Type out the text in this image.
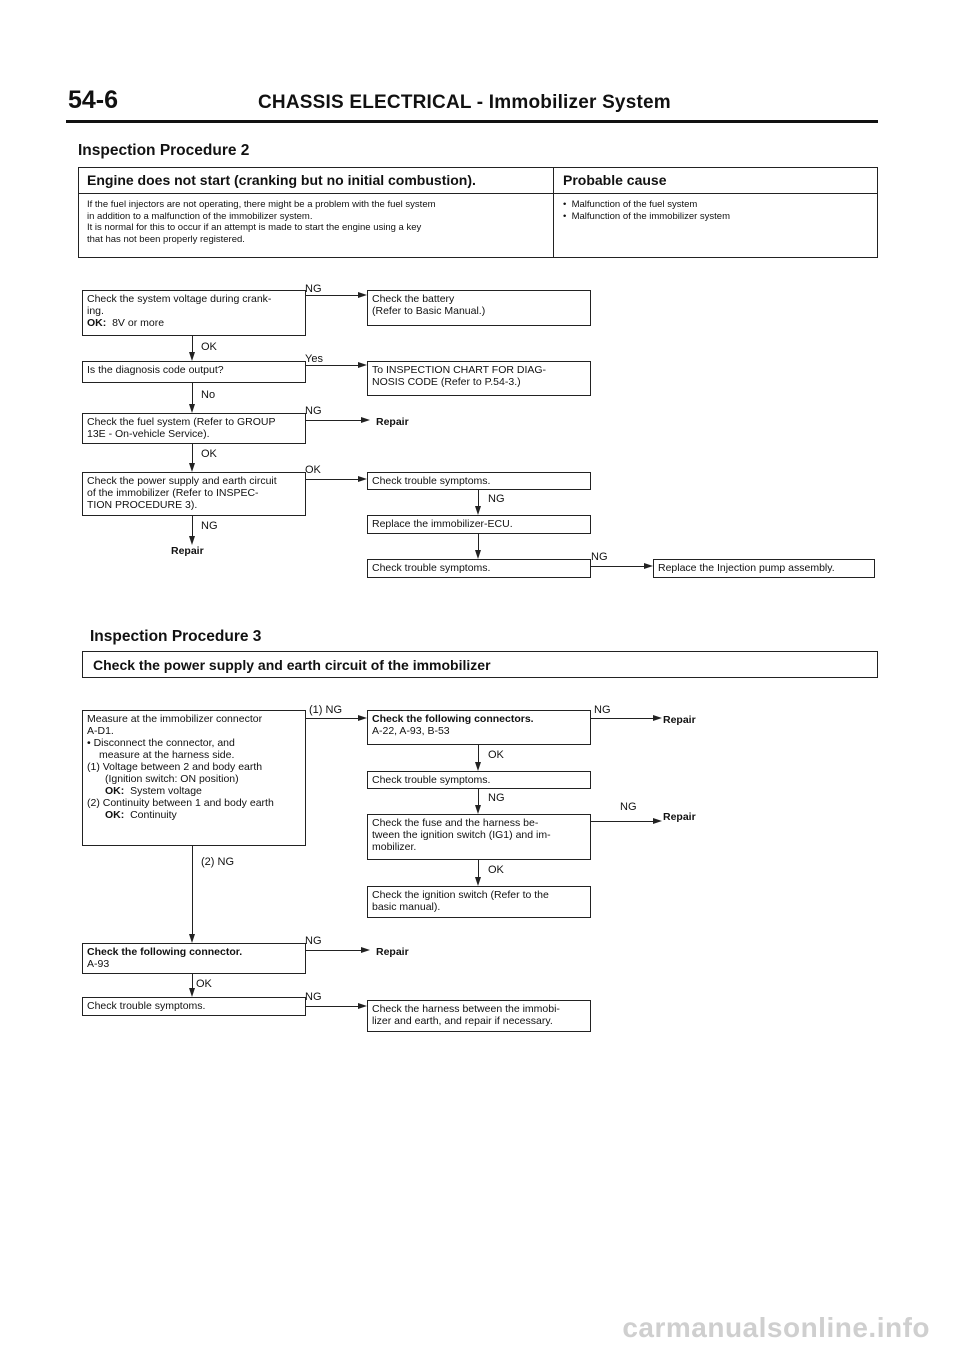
54-6	CHASSIS ELECTRICAL - Immobilizer System
Inspection Procedure 2
Engine does not start (cranking but no initial combustion).	Probable cause
If the fuel injectors are not operating, there might be a problem with the fuel system
in addition to a malfunction of the immobilizer system.
It is normal for this to occur if an attempt is made to start the engine using a key
that has not been properly registered.
•  Malfunction of the fuel system
•  Malfunction of the immobilizer system
Check the system voltage during crank-
ing.
OK: 8V or more
Check the battery
(Refer to Basic Manual.)
Is the diagnosis code output?	To INSPECTION CHART FOR DIAG-
NOSIS CODE (Refer to P.54-3.)
Check the fuel system (Refer to GROUP
13E - On-vehicle Service).
Repair
Check the power supply and earth circuit
of the immobilizer (Refer to INSPEC-
TION PROCEDURE 3).
Check trouble symptoms.
Replace the immobilizer-ECU.
Repair
Check trouble symptoms.	Replace the Injection pump assembly.
NG
OK
Yes
No
NG
OK
OK
NG
NG
NG
Inspection Procedure 3
Check the power supply and earth circuit of the immobilizer
Measure at the immobilizer connector
A-D1.
• Disconnect the connector, and
measure at the harness side.
(1) Voltage between 2 and body earth
(Ignition switch: ON position)
OK: System voltage
(2) Continuity between 1 and body earth
OK: Continuity
Check the following connectors.
A-22, A-93, B-53
Repair
Check trouble symptoms.
Check the fuse and the harness be-
tween the ignition switch (IG1) and im-
mobilizer.
Repair
Check the ignition switch (Refer to the
basic manual).
Check the following connector.
A-93
Repair
Check trouble symptoms.	Check the harness between the immobi-
lizer and earth, and repair if necessary.
(1) NG	NG
OK
NG
NG
OK
(2) NG
NG
OK
NG
carmanualsonline.info
